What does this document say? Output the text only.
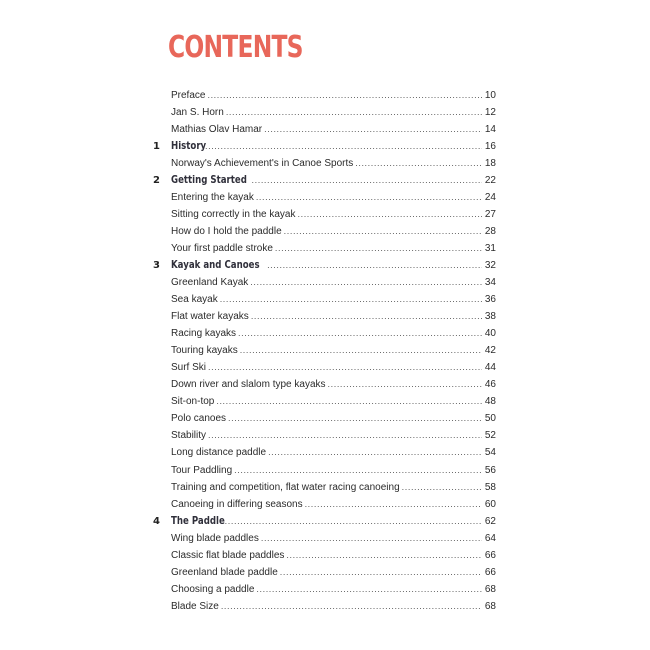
CONTENTS
Preface .....	10
Jan S. Horn .....	12
Mathias Olav Hamar .....	14
1 History .....	16
Norway's Achievement's in Canoe Sports .....	18
2 Getting Started .....	22
Entering the kayak .....	24
Sitting correctly in the kayak .....	27
How do I hold the paddle .....	28
Your first paddle stroke .....	31
3 Kayak and Canoes .....	32
Greenland Kayak .....	34
Sea kayak .....	36
Flat water kayaks .....	38
Racing kayaks .....	40
Touring kayaks .....	42
Surf Ski .....	44
Down river and slalom type kayaks .....	46
Sit-on-top .....	48
Polo canoes .....	50
Stability .....	52
Long distance paddle .....	54
Tour Paddling .....	56
Training and competition, flat water racing canoeing .....	58
Canoeing in differing seasons .....	60
4 The Paddle .....	62
Wing blade paddles .....	64
Classic flat blade paddles .....	66
Greenland blade paddle .....	66
Choosing a paddle .....	68
Blade Size .....	68
